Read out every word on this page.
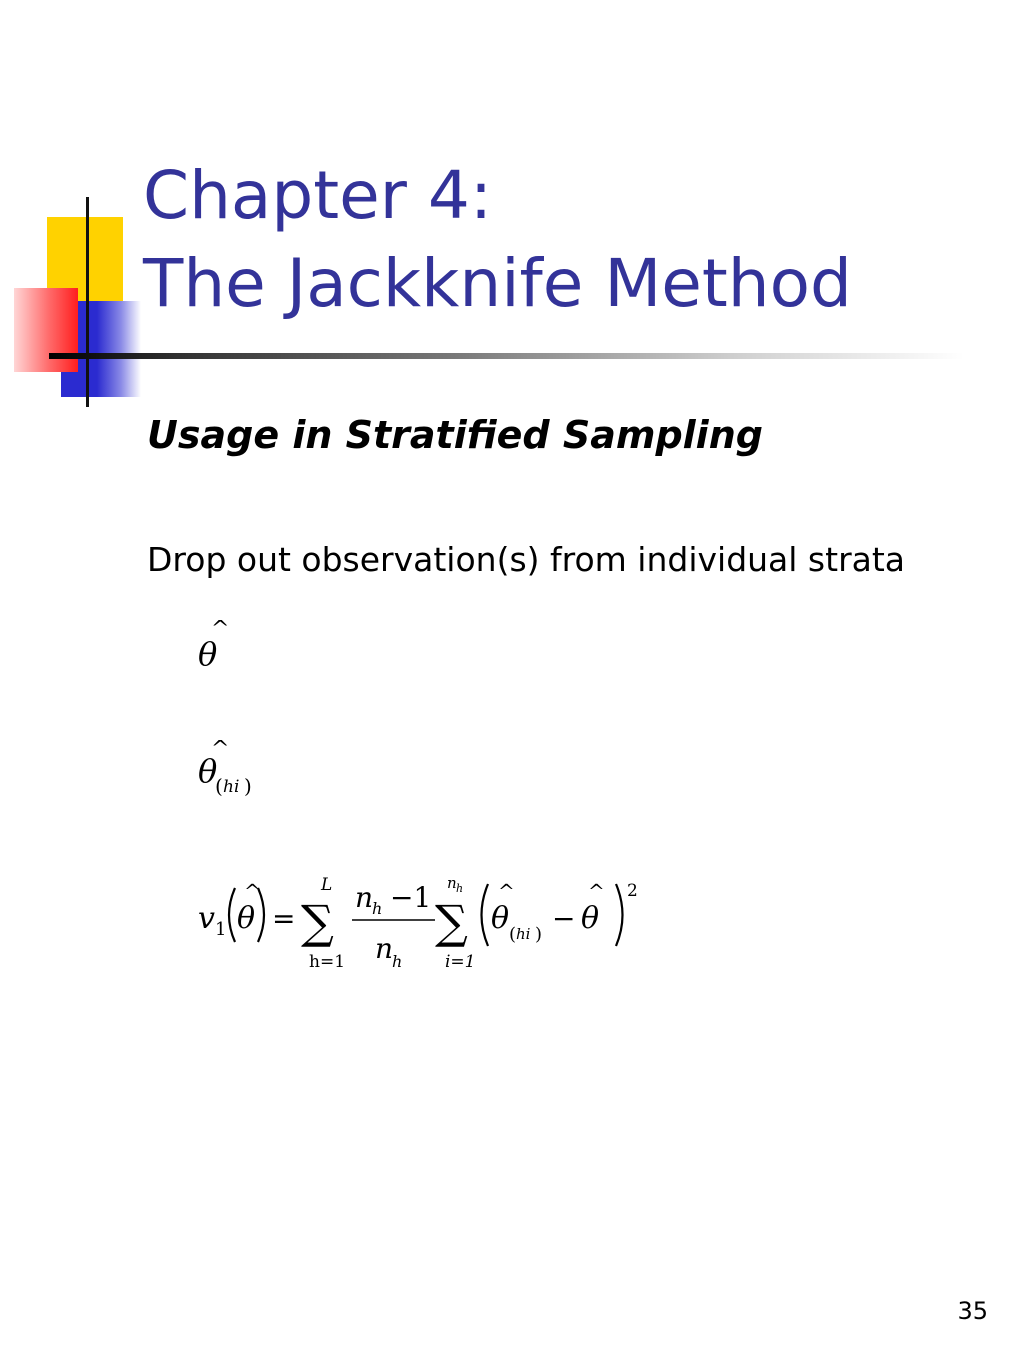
Chapter 4:
The Jackknife Method

Usage in Stratified Sampling

Drop out observation(s) from individual strata

^
θ
^
θ
( hi )
v 1
^
θ =
L
∑
h=1
n
h −1
n
h
n h
∑
i=1
^
θ ( hi ) −
^
θ
2
35
